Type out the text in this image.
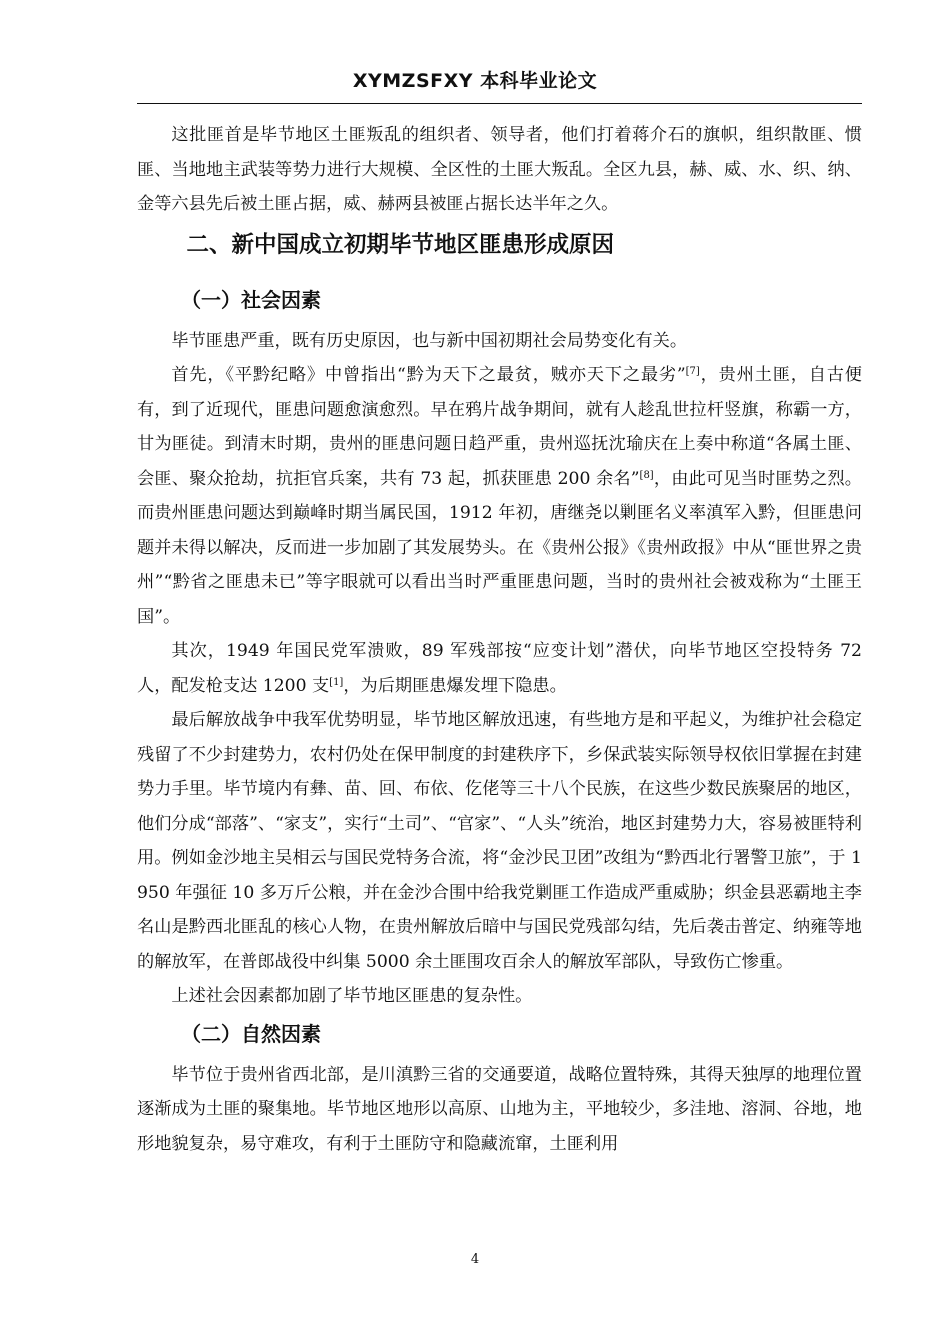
XYMZSFXY 本科毕业论文

这批匪首是毕节地区土匪叛乱的组织者、领导者，他们打着蒋介石的旗帜，组织散匪、惯匪、当地地主武装等势力进行大规模、全区性的土匪大叛乱。全区九县，赫、威、水、织、纳、金等六县先后被土匪占据，威、赫两县被匪占据长达半年之久。

二、新中国成立初期毕节地区匪患形成原因
（一）社会因素

毕节匪患严重，既有历史原因，也与新中国初期社会局势变化有关。

首先，《平黔纪略》中曾指出“黔为天下之最贫，贼亦天下之最劣”[7]，贵州土匪，自古便有，到了近现代，匪患问题愈演愈烈。早在鸦片战争期间，就有人趁乱世拉杆竖旗，称霸一方，甘为匪徒。到清末时期，贵州的匪患问题日趋严重，贵州巡抚沈瑜庆在上奏中称道“各属土匪、会匪、聚众抢劫，抗拒官兵案，共有 73 起，抓获匪患 200 余名”[8]，由此可见当时匪势之烈。而贵州匪患问题达到巅峰时期当属民国，1912 年初，唐继尧以剿匪名义率滇军入黔，但匪患问题并未得以解决，反而进一步加剧了其发展势头。在《贵州公报》《贵州政报》中从“匪世界之贵州”“黔省之匪患未已”等字眼就可以看出当时严重匪患问题，当时的贵州社会被戏称为“土匪王国”。

其次，1949 年国民党军溃败，89 军残部按“应变计划”潜伏，向毕节地区空投特务 72 人，配发枪支达 1200 支[1]，为后期匪患爆发埋下隐患。

最后解放战争中我军优势明显，毕节地区解放迅速，有些地方是和平起义，为维护社会稳定残留了不少封建势力，农村仍处在保甲制度的封建秩序下，乡保武装实际领导权依旧掌握在封建势力手里。毕节境内有彝、苗、回、布依、仡佬等三十八个民族，在这些少数民族聚居的地区，他们分成“部落”、“家支”，实行“土司”、“官家”、“人头”统治，地区封建势力大，容易被匪特利用。例如金沙地主吴相云与国民党特务合流，将“金沙民卫团”改组为“黔西北行署警卫旅”，于 1950 年强征 10 多万斤公粮，并在金沙合围中给我党剿匪工作造成严重威胁；织金县恶霸地主李名山是黔西北匪乱的核心人物，在贵州解放后暗中与国民党残部勾结，先后袭击普定、纳雍等地的解放军，在普郎战役中纠集 5000 余土匪围攻百余人的解放军部队，导致伤亡惨重。

上述社会因素都加剧了毕节地区匪患的复杂性。

（二）自然因素

毕节位于贵州省西北部，是川滇黔三省的交通要道，战略位置特殊，其得天独厚的地理位置逐渐成为土匪的聚集地。毕节地区地形以高原、山地为主，平地较少，多洼地、溶洞、谷地，地形地貌复杂，易守难攻，有利于土匪防守和隐藏流窜，土匪利用

4
